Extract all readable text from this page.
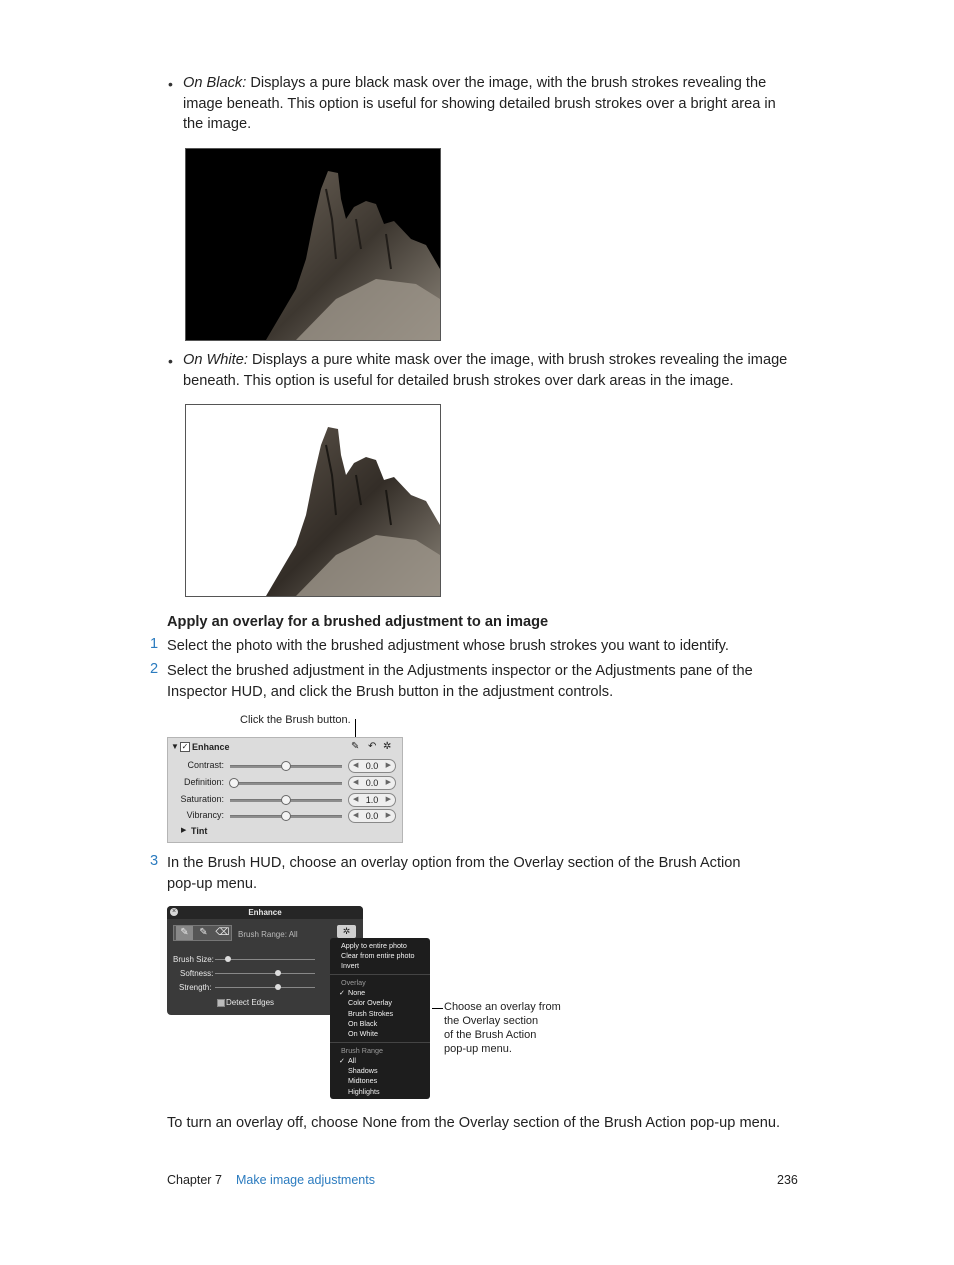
• On Black: Displays a pure black mask over the image, with the brush strokes revealing the image beneath. This option is useful for showing detailed brush strokes over a bright area in the image.
• On White: Displays a pure white mask over the image, with brush strokes revealing the image beneath. This option is useful for detailed brush strokes over dark areas in the image.
Apply an overlay for a brushed adjustment to an image
1 Select the photo with the brushed adjustment whose brush strokes you want to identify.
2 Select the brushed adjustment in the Adjustments inspector or the Adjustments pane of the Inspector HUD, and click the Brush button in the adjustment controls.
Click the Brush button.
▼ ✓ Enhance	✎ ↶ ✲
Contrast:	◀ 0.0	▶
Definition:	◀ 0.0	▶
Saturation:	◀ 1.0	▶
Vibrancy:	◀ 0.0	▶
▶ Tint
3 In the Brush HUD, choose an overlay option from the Overlay section of the Brush Action pop-up menu.
×	Enhance
✎	✎ ⌫ Brush Range: All	✲
Brush Size:
Softness:
Strength:
Detect Edges
Apply to entire photo
Clear from entire photo
Invert
Overlay
✓ None
Color Overlay
Brush Strokes
On Black
On White
Brush Range
✓ All
Shadows
Midtones
Highlights
Choose an overlay from
the Overlay section
of the Brush Action
pop-up menu.
To turn an overlay off, choose None from the Overlay section of the Brush Action pop-up menu.
Chapter 7 Make image adjustments	236
